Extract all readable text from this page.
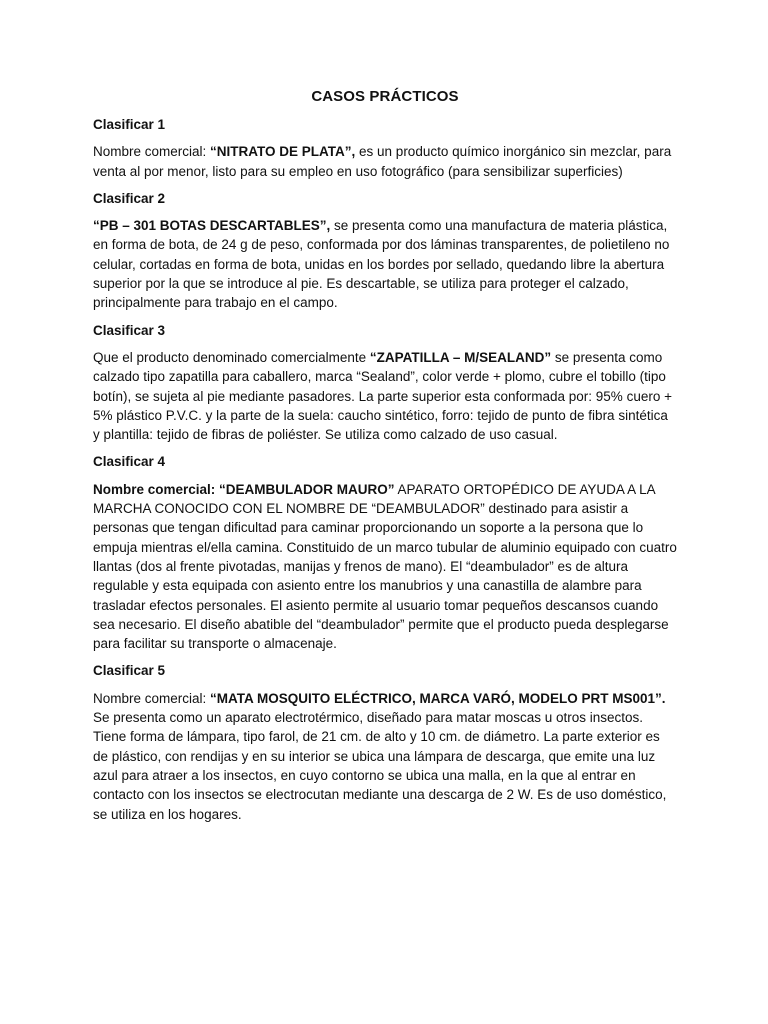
CASOS PRÁCTICOS
Clasificar 1

Nombre comercial: “NITRATO DE PLATA”, es un producto químico inorgánico sin mezclar, para venta al por menor, listo para su empleo en uso fotográfico (para sensibilizar superficies)

Clasificar 2

“PB – 301 BOTAS DESCARTABLES”, se presenta como una manufactura de materia plástica, en forma de bota, de 24 g de peso, conformada por dos láminas transparentes, de polietileno no celular, cortadas en forma de bota, unidas en los bordes por sellado, quedando libre la abertura superior por la que se introduce al pie. Es descartable, se utiliza para proteger el calzado, principalmente para trabajo en el campo.

Clasificar 3

Que el producto denominado comercialmente “ZAPATILLA – M/SEALAND” se presenta como calzado tipo zapatilla para caballero, marca “Sealand”, color verde + plomo, cubre el tobillo (tipo botín), se sujeta al pie mediante pasadores. La parte superior esta conformada por: 95% cuero + 5% plástico P.V.C. y la parte de la suela: caucho sintético, forro: tejido de punto de fibra sintética y plantilla: tejido de fibras de poliéster. Se utiliza como calzado de uso casual.

Clasificar 4

Nombre comercial: “DEAMBULADOR MAURO” APARATO ORTOPÉDICO DE AYUDA A LA MARCHA CONOCIDO CON EL NOMBRE DE “DEAMBULADOR” destinado para asistir a personas que tengan dificultad para caminar proporcionando un soporte a la persona que lo empuja mientras el/ella camina. Constituido de un marco tubular de aluminio equipado con cuatro llantas (dos al frente pivotadas, manijas y frenos de mano). El “deambulador” es de altura regulable y esta equipada con asiento entre los manubrios y una canastilla de alambre para trasladar efectos personales. El asiento permite al usuario tomar pequeños descansos cuando sea necesario. El diseño abatible del “deambulador” permite que el producto pueda desplegarse para facilitar su transporte o almacenaje.

Clasificar 5

Nombre comercial: “MATA MOSQUITO ELÉCTRICO, MARCA VARÓ, MODELO PRT MS001”. Se presenta como un aparato electrotérmico, diseñado para matar moscas u otros insectos. Tiene forma de lámpara, tipo farol, de 21 cm. de alto y 10 cm. de diámetro. La parte exterior es de plástico, con rendijas y en su interior se ubica una lámpara de descarga, que emite una luz azul para atraer a los insectos, en cuyo contorno se ubica una malla, en la que al entrar en contacto con los insectos se electrocutan mediante una descarga de 2 W. Es de uso doméstico, se utiliza en los hogares.
